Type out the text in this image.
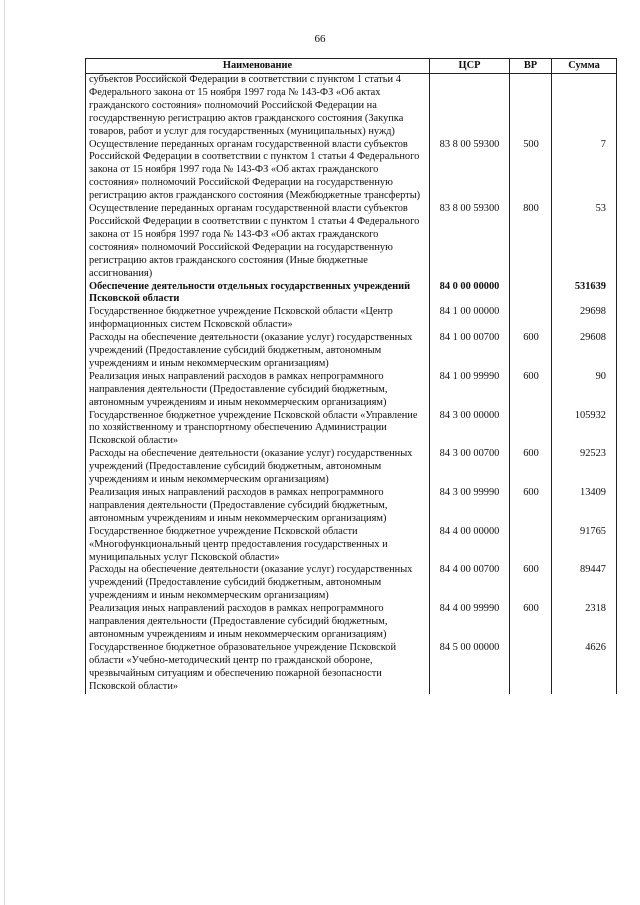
66
Наименование	ЦСР	ВР	Сумма
субъектов Российской Федерации в соответствии с пунктом 1 статьи 4 Федерального закона от 15 ноября 1997 года № 143-ФЗ «Об актах гражданского состояния» полномочий Российской Федерации на государственную регистрацию актов гражданского состояния (Закупка товаров, работ и услуг для государственных (муниципальных) нужд)			
Осуществление переданных органам государственной власти субъектов Российской Федерации в соответствии с пунктом 1 статьи 4 Федерального закона от 15 ноября 1997 года № 143-ФЗ «Об актах гражданского состояния» полномочий Российской Федерации на государственную регистрацию актов гражданского состояния (Межбюджетные трансферты)	83 8 00 59300	500	7
Осуществление переданных органам государственной власти субъектов Российской Федерации в соответствии с пунктом 1 статьи 4 Федерального закона от 15 ноября 1997 года № 143-ФЗ «Об актах гражданского состояния» полномочий Российской Федерации на государственную регистрацию актов гражданского состояния (Иные бюджетные ассигнования)	83 8 00 59300	800	53
Обеспечение деятельности отдельных государственных учреждений Псковской области	84 0 00 00000		531639
Государственное бюджетное учреждение Псковской области «Центр информационных систем Псковской области»	84 1 00 00000		29698
Расходы на обеспечение деятельности (оказание услуг) государственных учреждений (Предоставление субсидий бюджетным, автономным учреждениям и иным некоммерческим организациям)	84 1 00 00700	600	29608
Реализация иных направлений расходов в рамках непрограммного направления деятельности (Предоставление субсидий бюджетным, автономным учреждениям и иным некоммерческим организациям)	84 1 00 99990	600	90
Государственное бюджетное учреждение Псковской области «Управление по хозяйственному и транспортному обеспечению Администрации Псковской области»	84 3 00 00000		105932
Расходы на обеспечение деятельности (оказание услуг) государственных учреждений (Предоставление субсидий бюджетным, автономным учреждениям и иным некоммерческим организациям)	84 3 00 00700	600	92523
Реализация иных направлений расходов в рамках непрограммного направления деятельности (Предоставление субсидий бюджетным, автономным учреждениям и иным некоммерческим организациям)	84 3 00 99990	600	13409
Государственное бюджетное учреждение Псковской области «Многофункциональный центр предоставления государственных и муниципальных услуг Псковской области»	84 4 00 00000		91765
Расходы на обеспечение деятельности (оказание услуг) государственных учреждений (Предоставление субсидий бюджетным, автономным учреждениям и иным некоммерческим организациям)	84 4 00 00700	600	89447
Реализация иных направлений расходов в рамках непрограммного направления деятельности (Предоставление субсидий бюджетным, автономным учреждениям и иным некоммерческим организациям)	84 4 00 99990	600	2318
Государственное бюджетное образовательное учреждение Псковской области «Учебно-методический центр по гражданской обороне, чрезвычайным ситуациям и обеспечению пожарной безопасности Псковской области»	84 5 00 00000		4626
